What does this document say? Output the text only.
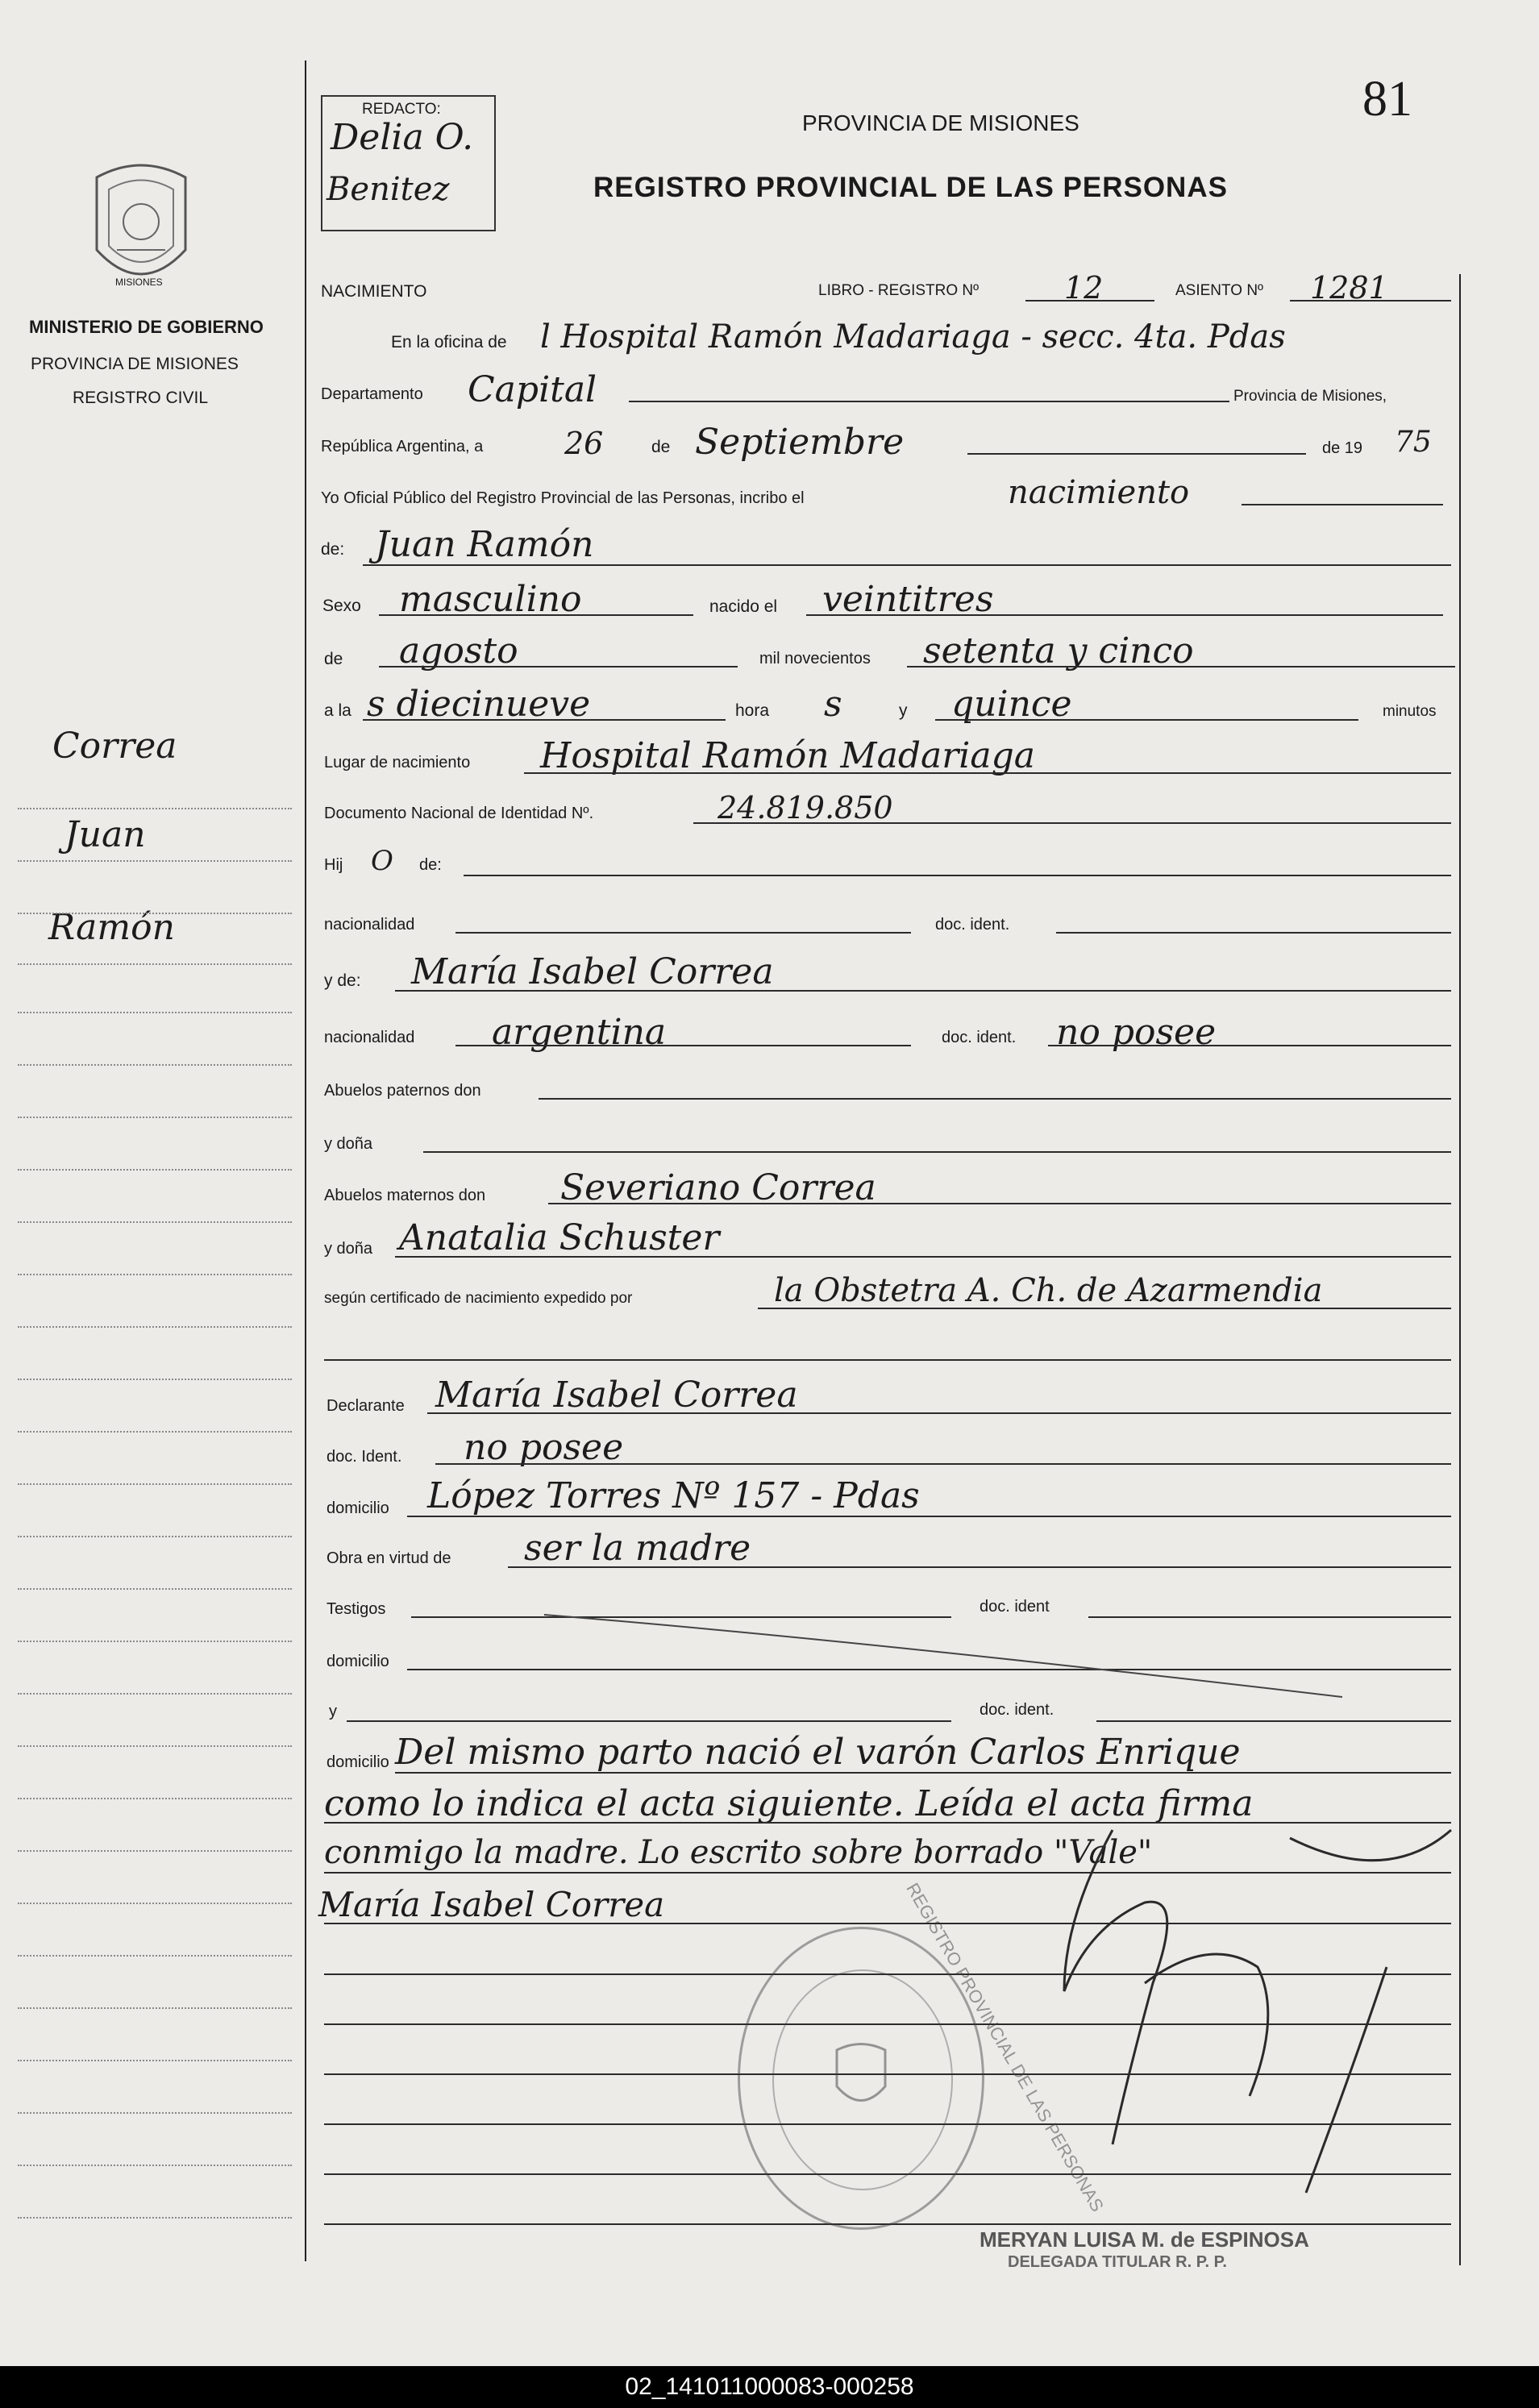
81
MISIONES
MINISTERIO DE GOBIERNO
PROVINCIA DE MISIONES
REGISTRO CIVIL
REDACTO:
Delia O.
Benitez
PROVINCIA DE MISIONES
REGISTRO PROVINCIAL DE LAS PERSONAS
Correa
Juan
Ramón
NACIMIENTO	LIBRO - REGISTRO Nº	12	ASIENTO Nº 1281
En la oficina de l Hospital Ramón Madariaga - secc. 4ta. Pdas
Departamento Capital	Provincia de Misiones,
República Argentina, a	26	de Septiembre	de 19 75
Yo Oficial Público del Registro Provincial de las Personas, incribo el	nacimiento
de: Juan Ramón
Sexo masculino	nacido el veintitres
de agosto	mil novecientos setenta y cinco
a la s diecinueve	hora s	y quince	minutos
Lugar de nacimiento Hospital Ramón Madariaga
Documento Nacional de Identidad Nº.	24.819.850
Hij O de:
nacionalidad	doc. ident.
y de: María Isabel Correa
nacionalidad argentina	doc. ident. no posee
Abuelos paternos don
y doña
Abuelos maternos don Severiano Correa
y doña Anatalia Schuster
según certificado de nacimiento expedido por	la Obstetra A. Ch. de Azarmendia
Declarante María Isabel Correa
doc. Ident. no posee
domicilio López Torres Nº 157 - Pdas
Obra en virtud de ser la madre
Testigos	doc. ident
domicilio
y	doc. ident.
domicilio Del mismo parto nació el varón Carlos Enrique
como lo indica el acta siguiente. Leída el acta firma
conmigo la madre. Lo escrito sobre borrado "Vale"
María Isabel Correa	REGISTRO PROVINCIAL DE LAS PERSONAS
MERYAN LUISA M. de ESPINOSA
DELEGADA TITULAR R. P. P.
02_141011000083-000258
